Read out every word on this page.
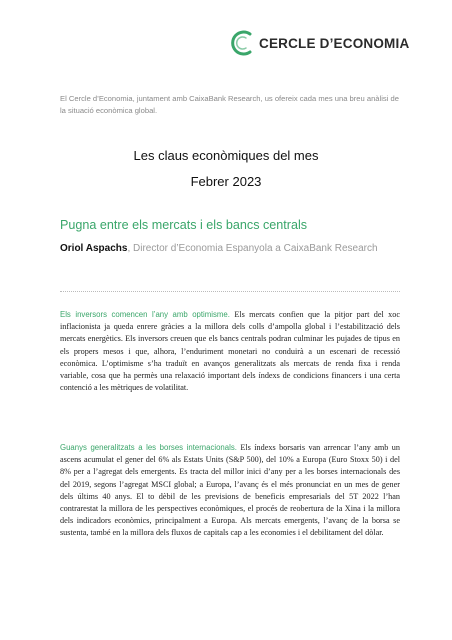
CERCLE D’ECONOMIA
El Cercle d’Economia, juntament amb CaixaBank Research, us ofereix cada mes una breu anàlisi de la situació econòmica global.
Les claus econòmiques del mes
Febrer 2023
Pugna entre els mercats i els bancs centrals
Oriol Aspachs, Director d’Economia Espanyola a CaixaBank Research
Els inversors comencen l’any amb optimisme. Els mercats confien que la pitjor part del xoc inflacionista ja queda enrere gràcies a la millora dels colls d’ampolla global i l’estabilització dels mercats energètics. Els inversors creuen que els bancs centrals podran culminar les pujades de tipus en els propers mesos i que, alhora, l’enduriment monetari no conduirà a un escenari de recessió econòmica. L’optimisme s’ha traduït en avanços generalitzats als mercats de renda fixa i renda variable, cosa que ha permès una relaxació important dels índexs de condicions financers i una certa contenció a les mètriques de volatilitat.
Guanys generalitzats a les borses internacionals. Els índexs borsaris van arrencar l’any amb un ascens acumulat el gener del 6% als Estats Units (S&P 500), del 10% a Europa (Euro Stoxx 50) i del 8% per a l’agregat dels emergents. Es tracta del millor inici d’any per a les borses internacionals des del 2019, segons l’agregat MSCI global; a Europa, l’avanç és el més pronunciat en un mes de gener dels últims 40 anys. El to dèbil de les previsions de beneficis empresarials del 5T 2022 l’han contrarestat la millora de les perspectives econòmiques, el procés de reobertura de la Xina i la millora dels indicadors econòmics, principalment a Europa. Als mercats emergents, l’avanç de la borsa se sustenta, també en la millora dels fluxos de capitals cap a les economies i el debilitament del dòlar.
